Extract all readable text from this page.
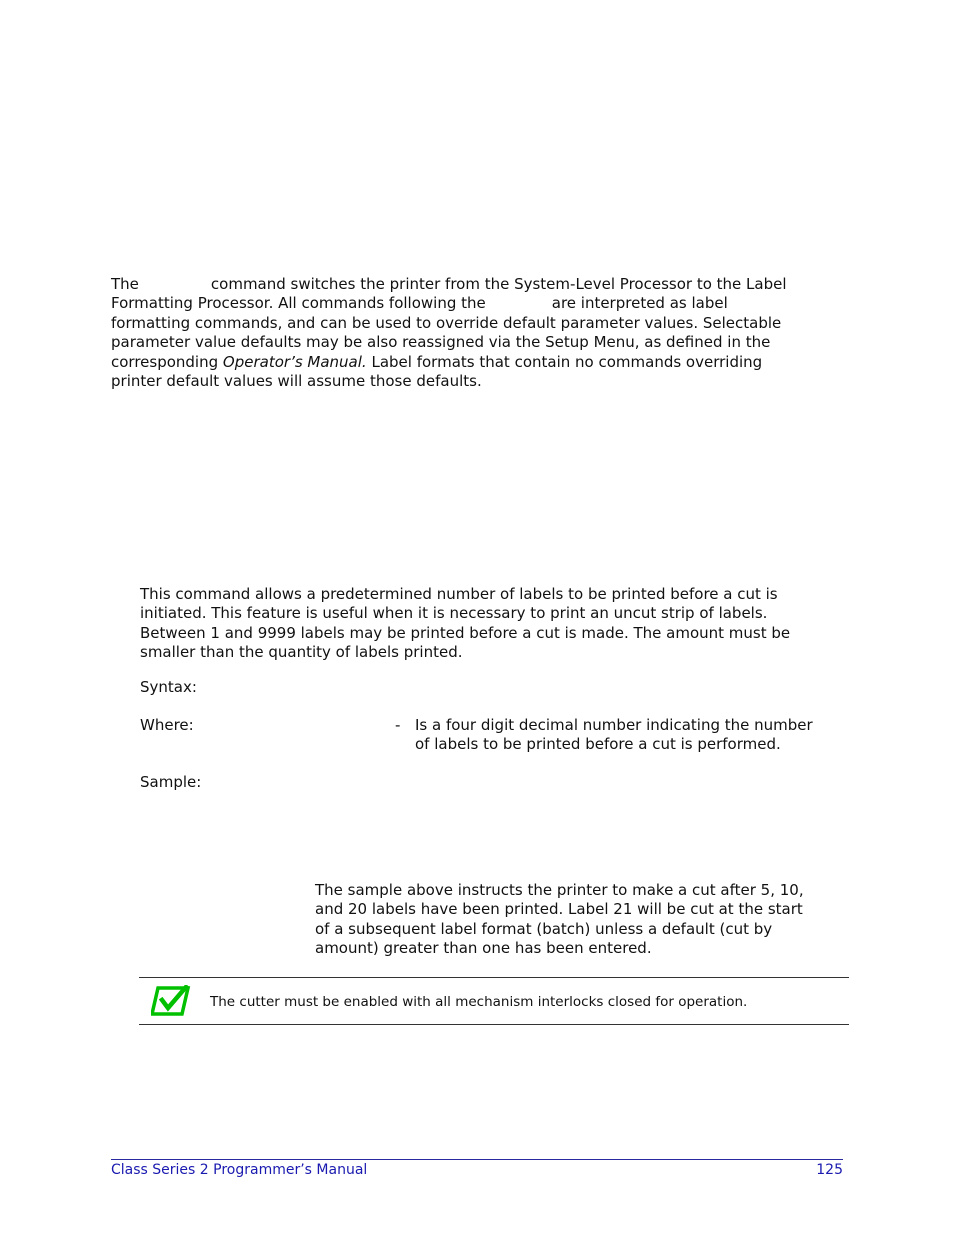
The	command switches the printer from the System-Level Processor to the Label
Formatting Processor. All commands following the	are interpreted as label
formatting commands, and can be used to override default parameter values. Selectable
parameter value defaults may be also reassigned via the Setup Menu, as defined in the
corresponding Operator’s Manual. Label formats that contain no commands overriding
printer default values will assume those defaults.
This command allows a predetermined number of labels to be printed before a cut is
initiated. This feature is useful when it is necessary to print an uncut strip of labels.
Between 1 and 9999 labels may be printed before a cut is made. The amount must be
smaller than the quantity of labels printed.
Syntax:
Where:	- Is a four digit decimal number indicating the number
of labels to be printed before a cut is performed.
Sample:
The sample above instructs the printer to make a cut after 5, 10,
and 20 labels have been printed. Label 21 will be cut at the start
of a subsequent label format (batch) unless a default (cut by
amount) greater than one has been entered.
The cutter must be enabled with all mechanism interlocks closed for operation.
Class Series 2 Programmer’s Manual	125
